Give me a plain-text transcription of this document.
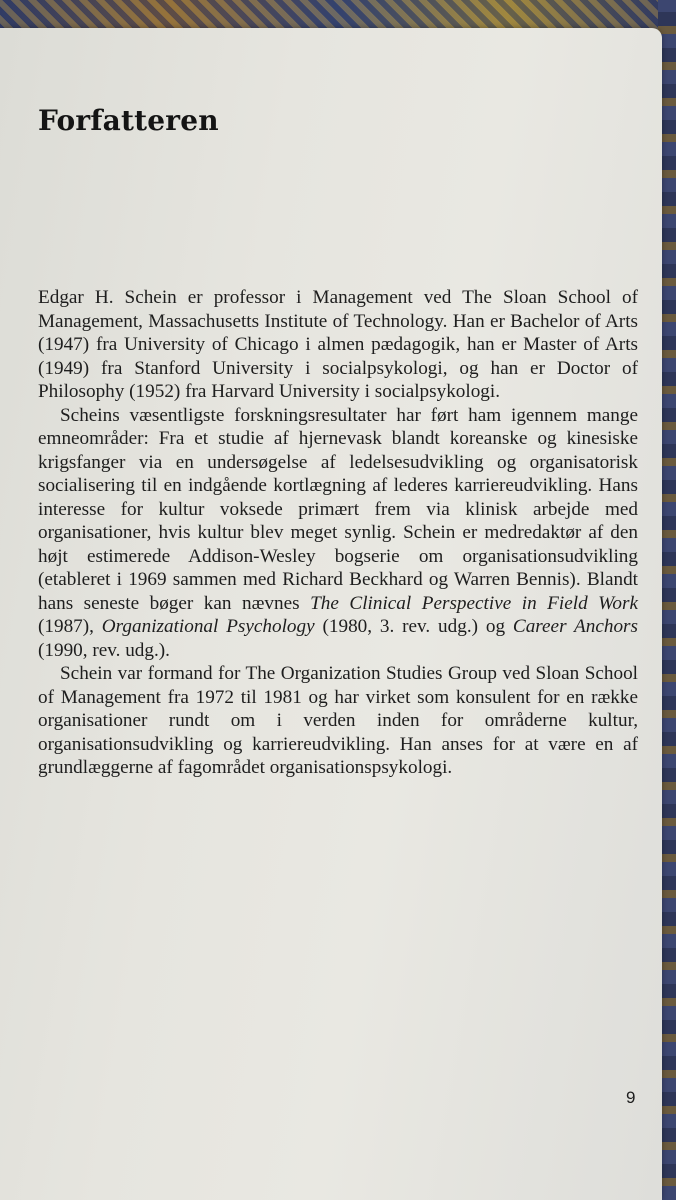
Forfatteren

Edgar H. Schein er professor i Management ved The Sloan School of Management, Massachusetts Institute of Technology. Han er Bachelor of Arts (1947) fra University of Chicago i almen pædagogik, han er Master of Arts (1949) fra Stanford University i socialpsykologi, og han er Doctor of Philosophy (1952) fra Harvard University i socialpsykologi.

Scheins væsentligste forskningsresultater har ført ham igennem mange emneområder: Fra et studie af hjernevask blandt koreanske og kinesiske krigsfanger via en undersøgelse af ledelsesudvikling og organisatorisk socialisering til en indgående kortlægning af lederes karriereudvikling. Hans interesse for kultur voksede primært frem via klinisk arbejde med organisationer, hvis kultur blev meget synlig. Schein er medredaktør af den højt estimerede Addison-Wesley bogserie om organisationsudvikling (etableret i 1969 sammen med Richard Beckhard og Warren Bennis). Blandt hans seneste bøger kan nævnes The Clinical Perspective in Field Work (1987), Organizational Psychology (1980, 3. rev. udg.) og Career Anchors (1990, rev. udg.).

Schein var formand for The Organization Studies Group ved Sloan School of Management fra 1972 til 1981 og har virket som konsulent for en række organisationer rundt om i verden inden for områderne kultur, organisationsudvikling og karriereudvikling. Han anses for at være en af grundlæggerne af fagområdet organisationspsykologi.

9
